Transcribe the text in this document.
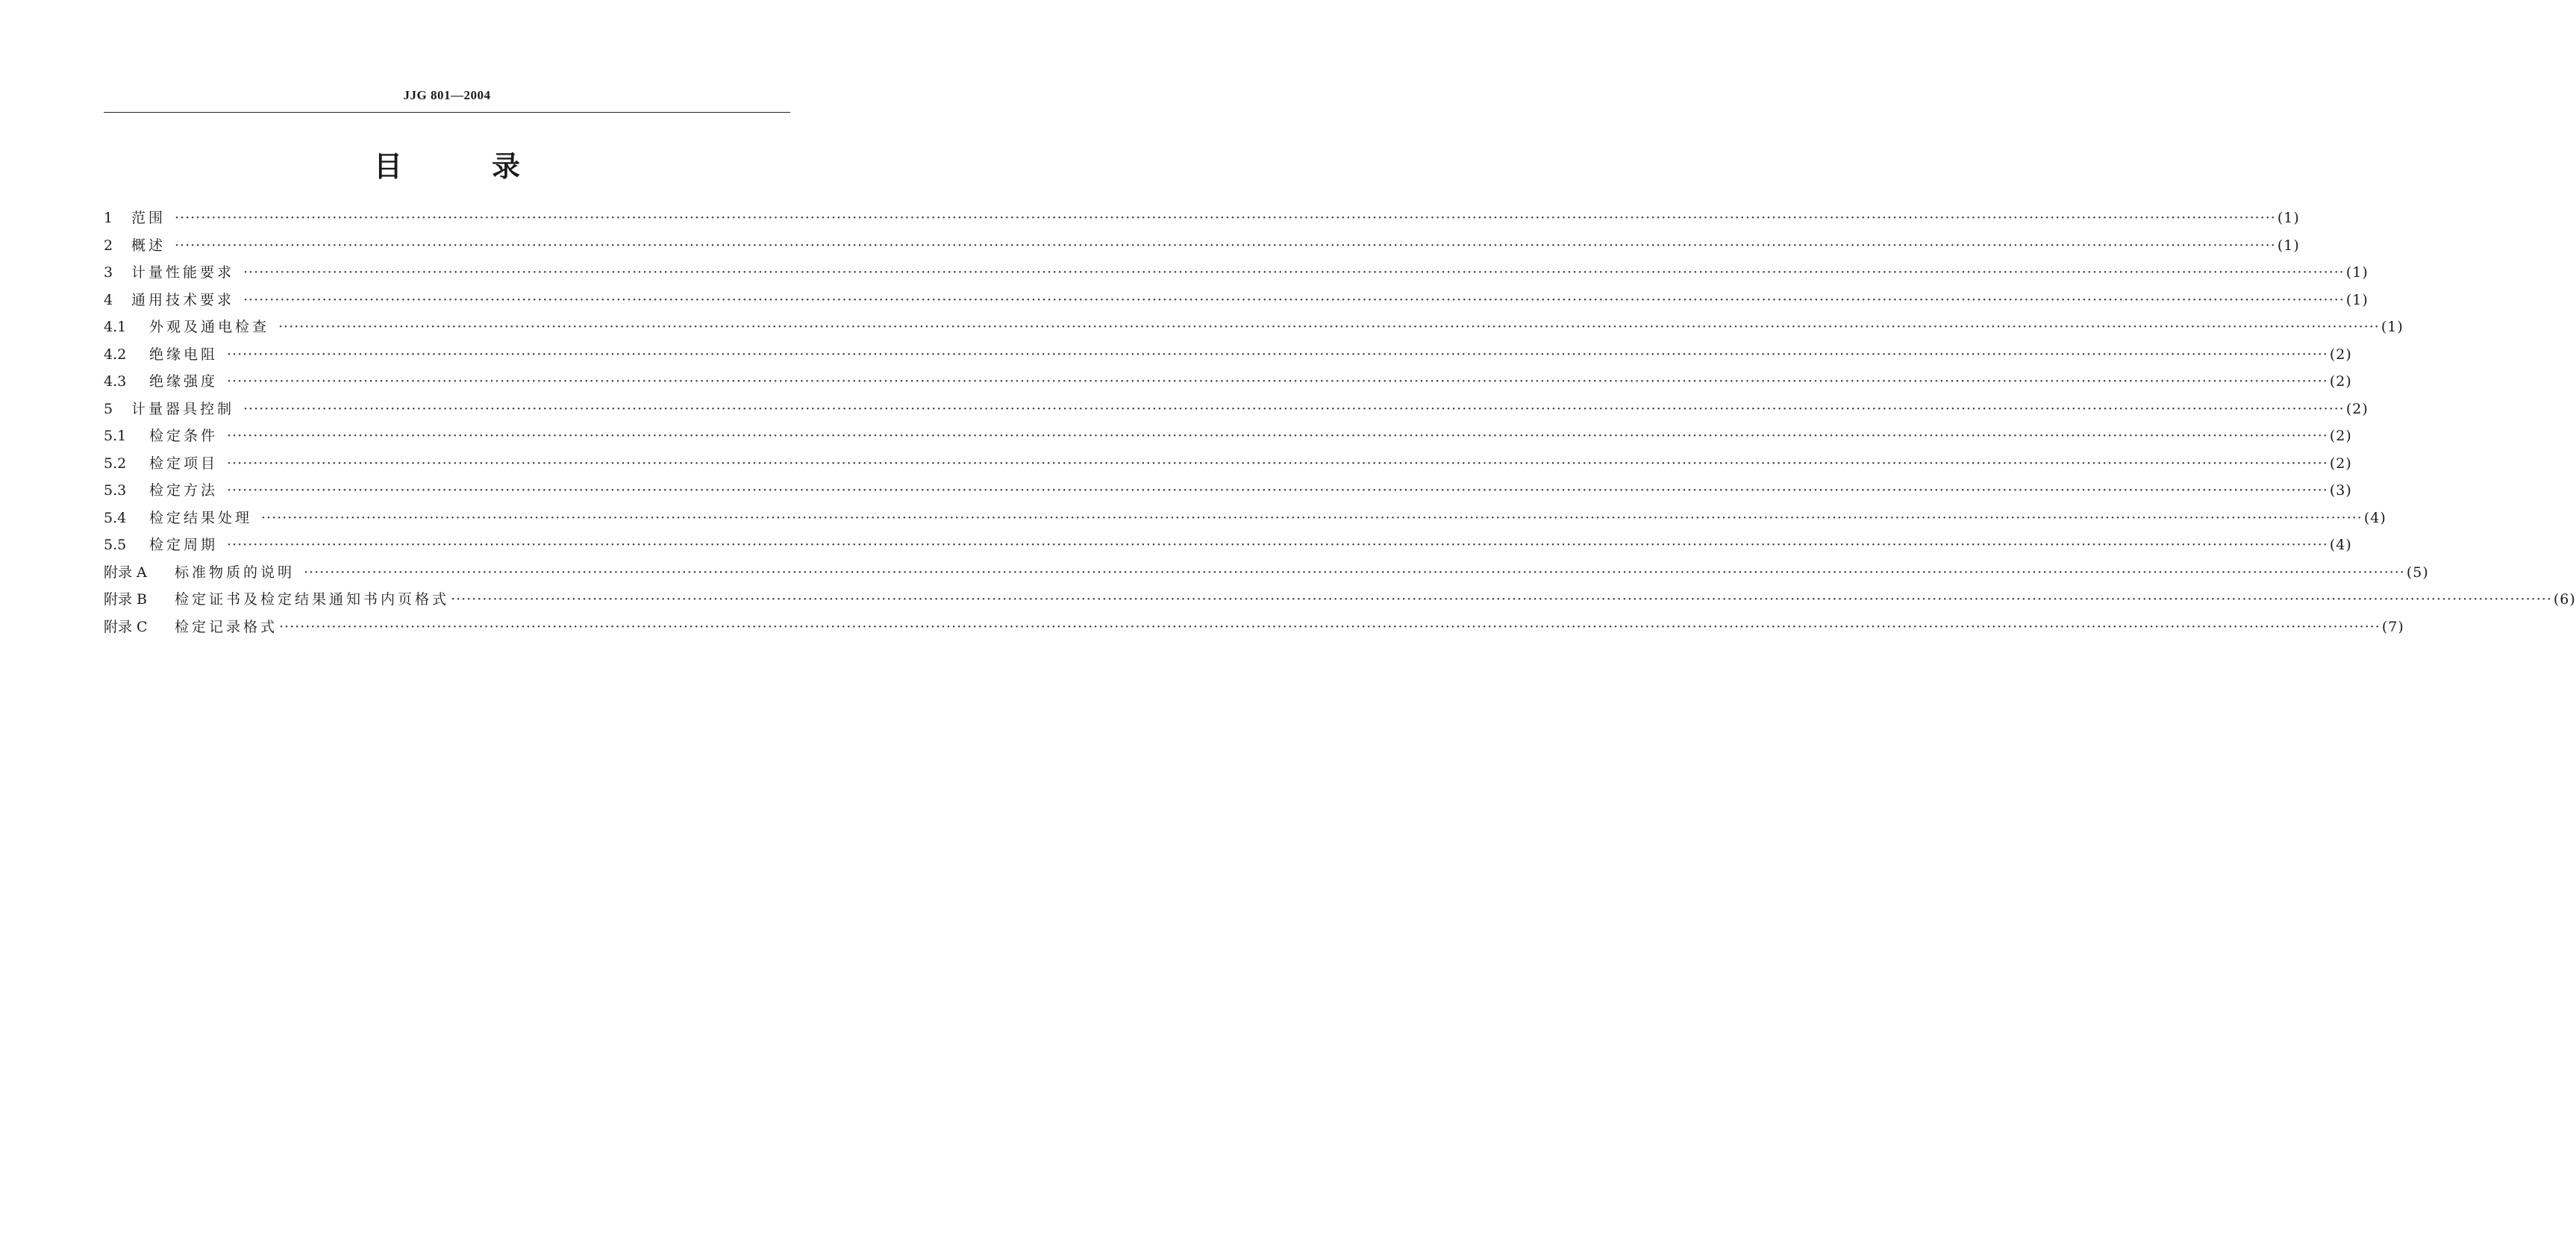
JJG 801—2004
目	录
1	范围 ················································································································································································································································································································································································································ (1)
2	概述 ················································································································································································································································································································································································································ (1)
3	计量性能要求 ················································································································································································································································································································································································································ (1)
4	通用技术要求 ················································································································································································································································································································································································································ (1)
4.1	外观及通电检查 ················································································································································································································································································································································································································ (1)
4.2	绝缘电阻 ················································································································································································································································································································································································································ (2)
4.3	绝缘强度 ················································································································································································································································································································································································································ (2)
5	计量器具控制 ················································································································································································································································································································································································································ (2)
5.1	检定条件 ················································································································································································································································································································································································································ (2)
5.2	检定项目 ················································································································································································································································································································································································································ (2)
5.3	检定方法 ················································································································································································································································································································································································································ (3)
5.4	检定结果处理 ················································································································································································································································································································································································································ (4)
5.5	检定周期 ················································································································································································································································································································································································································ (4)
附录 A	标准物质的说明 ················································································································································································································································································································································································································ (5)
附录 B	检定证书及检定结果通知书内页格式 ················································································································································································································································································································································································································ (6)
附录 C	检定记录格式 ················································································································································································································································································································································································································ (7)
